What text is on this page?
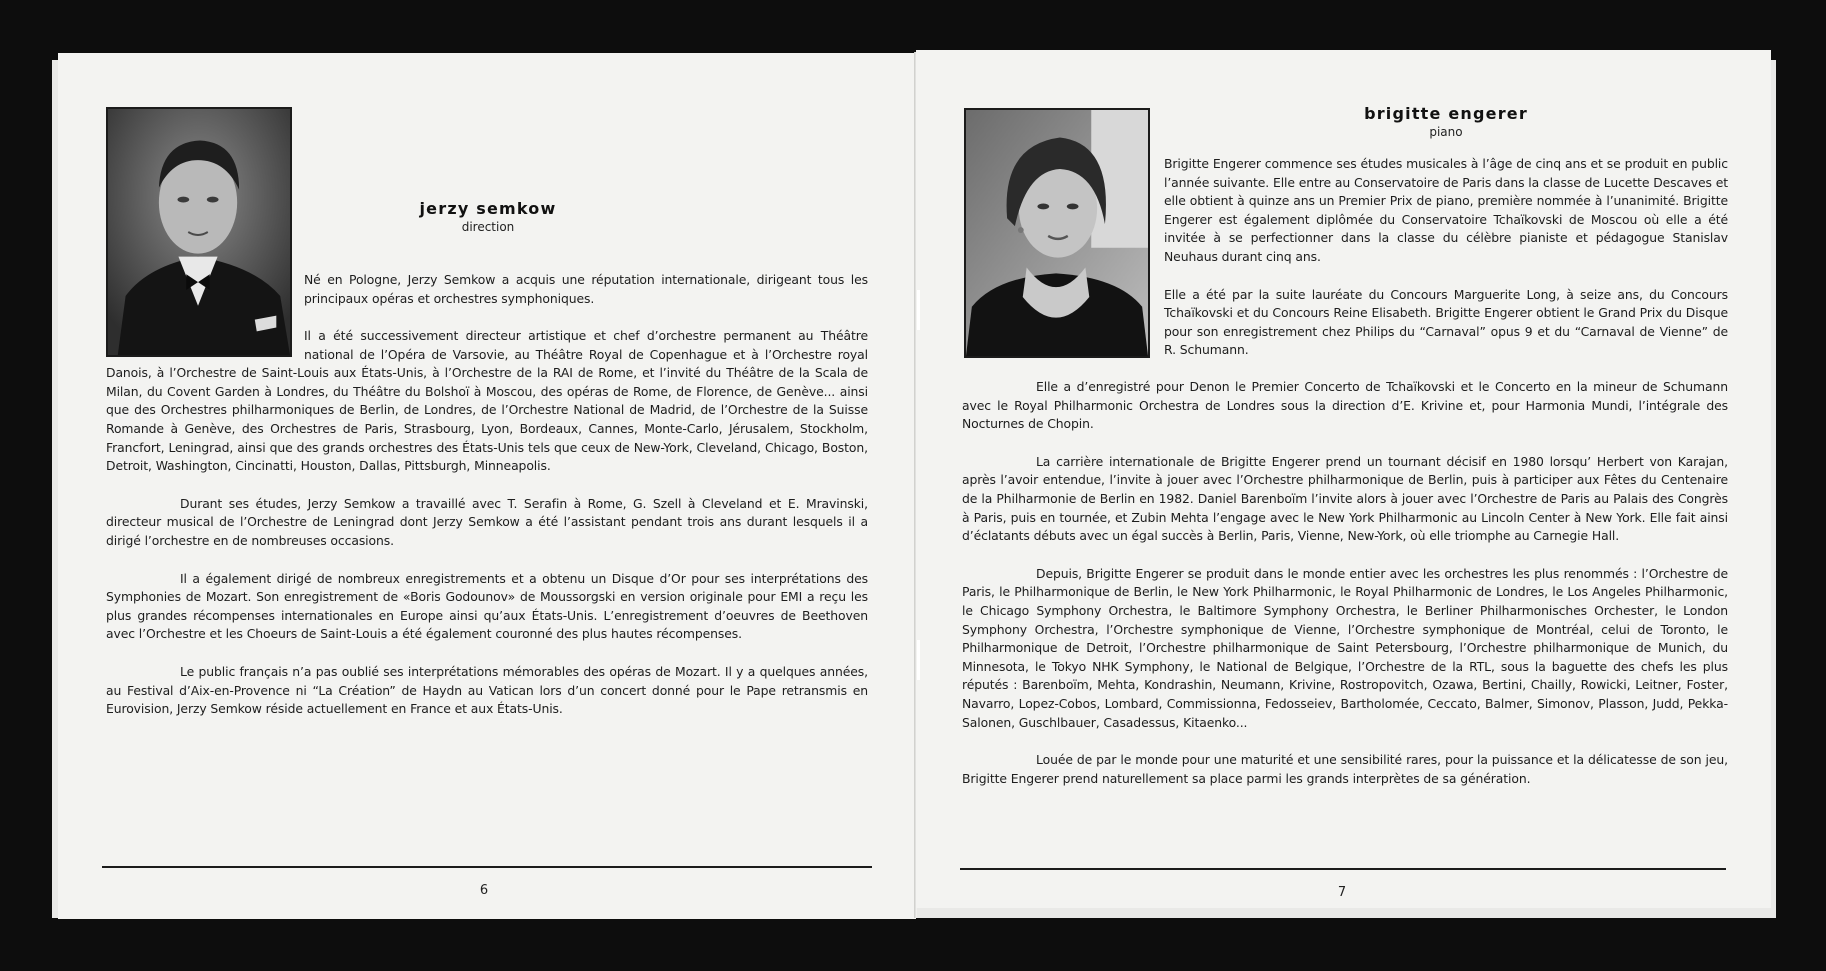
jerzy semkow
direction

Né en Pologne, Jerzy Semkow a acquis une réputation internationale, dirigeant tous les principaux opéras et orchestres symphoniques.

Il a été successivement directeur artistique et chef d’orchestre permanent au Théâtre national de l’Opéra de Varsovie, au Théâtre Royal de Copenhague et à l’Orchestre royal Danois, à l’Orchestre de Saint-Louis aux États-Unis, à l’Orchestre de la RAI de Rome, et l’invité du Théâtre de la Scala de Milan, du Covent Garden à Londres, du Théâtre du Bolshoï à Moscou, des opéras de Rome, de Florence, de Genève... ainsi que des Orchestres philharmoniques de Berlin, de Londres, de l’Orchestre National de Madrid, de l’Orchestre de la Suisse Romande à Genève, des Orchestres de Paris, Strasbourg, Lyon, Bordeaux, Cannes, Monte-Carlo, Jérusalem, Stockholm, Francfort, Leningrad, ainsi que des grands orchestres des États-Unis tels que ceux de New-York, Cleveland, Chicago, Boston, Detroit, Washington, Cincinatti, Houston, Dallas, Pittsburgh, Minneapolis.

Durant ses études, Jerzy Semkow a travaillé avec T. Serafin à Rome, G. Szell à Cleveland et E. Mravinski, directeur musical de l’Orchestre de Leningrad dont Jerzy Semkow a été l’assistant pendant trois ans durant lesquels il a dirigé l’orchestre en de nombreuses occasions.

Il a également dirigé de nombreux enregistrements et a obtenu un Disque d’Or pour ses interprétations des Symphonies de Mozart. Son enregistrement de «Boris Godounov» de Moussorgski en version originale pour EMI a reçu les plus grandes récompenses internationales en Europe ainsi qu’aux États-Unis. L’enregistrement d’oeuvres de Beethoven avec l’Orchestre et les Choeurs de Saint-Louis a été également couronné des plus hautes récompenses.

Le public français n’a pas oublié ses interprétations mémorables des opéras de Mozart. Il y a quelques années, au Festival d’Aix-en-Provence ni “La Création” de Haydn au Vatican lors d’un concert donné pour le Pape retransmis en Eurovision, Jerzy Semkow réside actuellement en France et aux États-Unis.

6
brigitte engerer
piano

Brigitte Engerer commence ses études musicales à l’âge de cinq ans et se produit en public l’année suivante. Elle entre au Conservatoire de Paris dans la classe de Lucette Descaves et elle obtient à quinze ans un Premier Prix de piano, première nommée à l’unanimité. Brigitte Engerer est également diplômée du Conservatoire Tchaïkovski de Moscou où elle a été invitée à se perfectionner dans la classe du célèbre pianiste et pédagogue Stanislav Neuhaus durant cinq ans.

Elle a été par la suite lauréate du Concours Marguerite Long, à seize ans, du Concours Tchaïkovski et du Concours Reine Elisabeth. Brigitte Engerer obtient le Grand Prix du Disque pour son enregistrement chez Philips du “Carnaval” opus 9 et du “Carnaval de Vienne” de R. Schumann.

Elle a d’enregistré pour Denon le Premier Concerto de Tchaïkovski et le Concerto en la mineur de Schumann avec le Royal Philharmonic Orchestra de Londres sous la direction d’E. Krivine et, pour Harmonia Mundi, l’intégrale des Nocturnes de Chopin.

La carrière internationale de Brigitte Engerer prend un tournant décisif en 1980 lorsqu’ Herbert von Karajan, après l’avoir entendue, l’invite à jouer avec l’Orchestre philharmonique de Berlin, puis à participer aux Fêtes du Centenaire de la Philharmonie de Berlin en 1982. Daniel Barenboïm l’invite alors à jouer avec l’Orchestre de Paris au Palais des Congrès à Paris, puis en tournée, et Zubin Mehta l’engage avec le New York Philharmonic au Lincoln Center à New York. Elle fait ainsi d’éclatants débuts avec un égal succès à Berlin, Paris, Vienne, New-York, où elle triomphe au Carnegie Hall.

Depuis, Brigitte Engerer se produit dans le monde entier avec les orchestres les plus renommés : l’Orchestre de Paris, le Philharmonique de Berlin, le New York Philharmonic, le Royal Philharmonic de Londres, le Los Angeles Philharmonic, le Chicago Symphony Orchestra, le Baltimore Symphony Orchestra, le Berliner Philharmonisches Orchester, le London Symphony Orchestra, l’Orchestre symphonique de Vienne, l’Orchestre symphonique de Montréal, celui de Toronto, le Philharmonique de Detroit, l’Orchestre philharmonique de Saint Petersbourg, l’Orchestre philharmonique de Munich, du Minnesota, le Tokyo NHK Symphony, le National de Belgique, l’Orchestre de la RTL, sous la baguette des chefs les plus réputés : Barenboïm, Mehta, Kondrashin, Neumann, Krivine, Rostropovitch, Ozawa, Bertini, Chailly, Rowicki, Leitner, Foster, Navarro, Lopez-Cobos, Lombard, Commissionna, Fedosseiev, Bartholomée, Ceccato, Balmer, Simonov, Plasson, Judd, Pekka-Salonen, Guschlbauer, Casadessus, Kitaenko...

Louée de par le monde pour une maturité et une sensibilité rares, pour la puissance et la délicatesse de son jeu, Brigitte Engerer prend naturellement sa place parmi les grands interprètes de sa génération.

7
